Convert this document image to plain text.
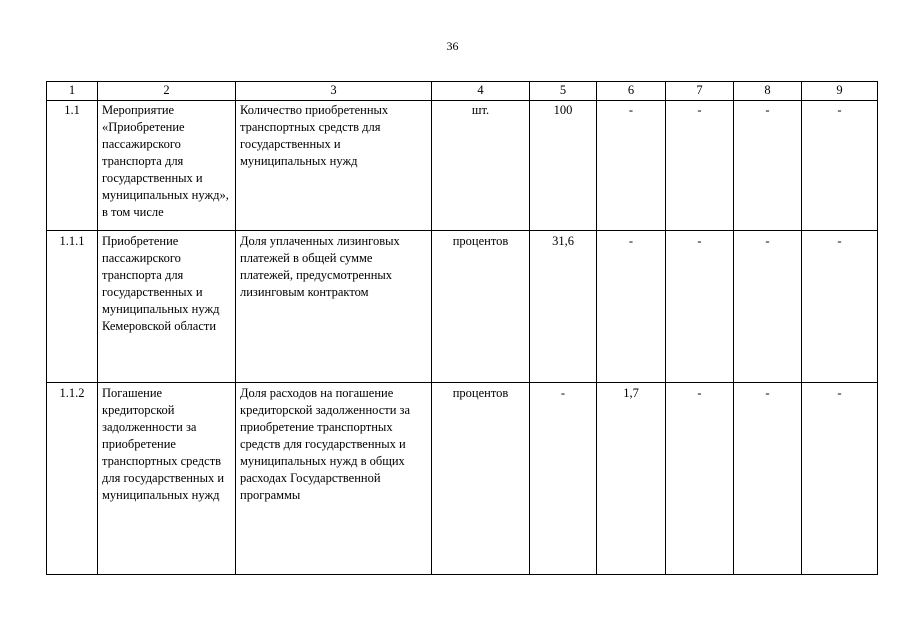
36
1	2	3	4	5	6	7	8	9
1.1	Мероприятие «Приобретение пассажирского транспорта для государственных и муниципальных нужд», в том числе	Количество приобретенных транспортных средств для государственных и муниципальных нужд	шт.	100	-	-	-	-
1.1.1	Приобретение пассажирского транспорта для государственных и муниципальных нужд Кемеровской области	Доля уплаченных лизинговых платежей в общей сумме платежей, предусмотренных лизинговым контрактом	процентов	31,6	-	-	-	-
1.1.2	Погашение кредиторской задолженности за приобретение транспортных средств для государственных и муниципальных нужд	Доля расходов на погашение кредиторской задолженности за приобретение транспортных средств для государственных и муниципальных нужд в общих расходах Государственной программы	процентов	-	1,7	-	-	-
